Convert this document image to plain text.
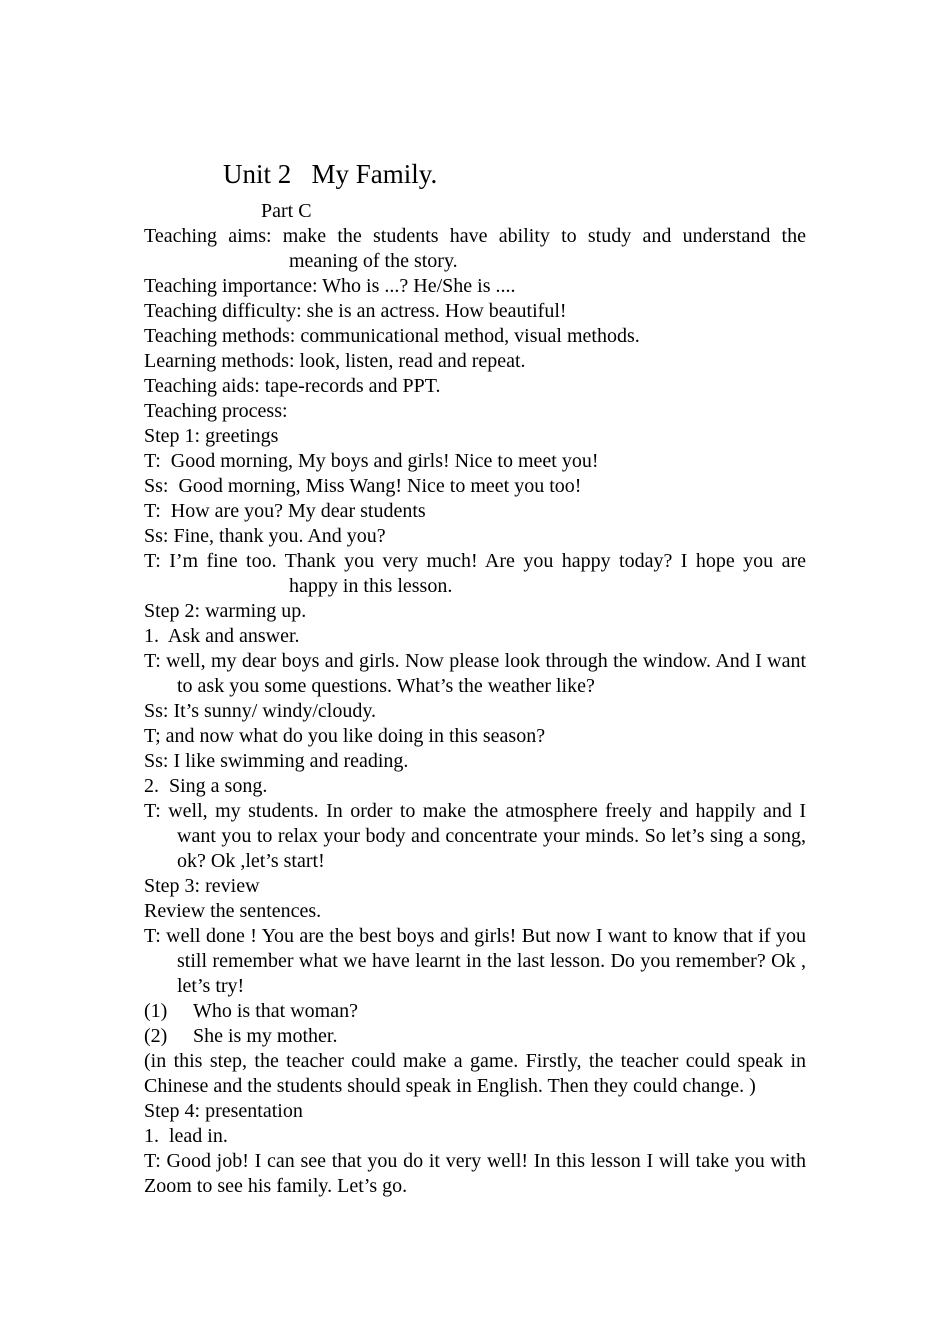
Unit 2   My Family.
Part C

Teaching aims: make the students have ability to study and understand the meaning of the story.

Teaching importance: Who is ...? He/She is ....

Teaching difficulty: she is an actress. How beautiful!

Teaching methods: communicational method, visual methods.

Learning methods: look, listen, read and repeat.

Teaching aids: tape-records and PPT.

Teaching process:

Step 1: greetings

T:  Good morning, My boys and girls! Nice to meet you!

Ss:  Good morning, Miss Wang! Nice to meet you too!

T:  How are you? My dear students

Ss: Fine, thank you. And you?

T: I’m fine too. Thank you very much! Are you happy today? I hope you are happy in this lesson.

Step 2: warming up.

1.  Ask and answer.

T: well, my dear boys and girls. Now please look through the window. And I want to ask you some questions. What’s the weather like?

Ss: It’s sunny/ windy/cloudy.

T; and now what do you like doing in this season?

Ss: I like swimming and reading.

2.  Sing a song.

T: well, my students. In order to make the atmosphere freely and happily and I want you to relax your body and concentrate your minds. So let’s sing a song, ok? Ok ,let’s start!

Step 3: review

Review the sentences.

T: well done ! You are the best boys and girls! But now I want to know that if you still remember what we have learnt in the last lesson. Do you remember? Ok , let’s try!

(1)	Who is that woman?
(2)	She is my mother.

(in this step, the teacher could make a game. Firstly, the teacher could speak in Chinese and the students should speak in English. Then they could change. )

Step 4: presentation

1.  lead in.

T: Good job! I can see that you do it very well! In this lesson I will take you with Zoom to see his family. Let’s go.
